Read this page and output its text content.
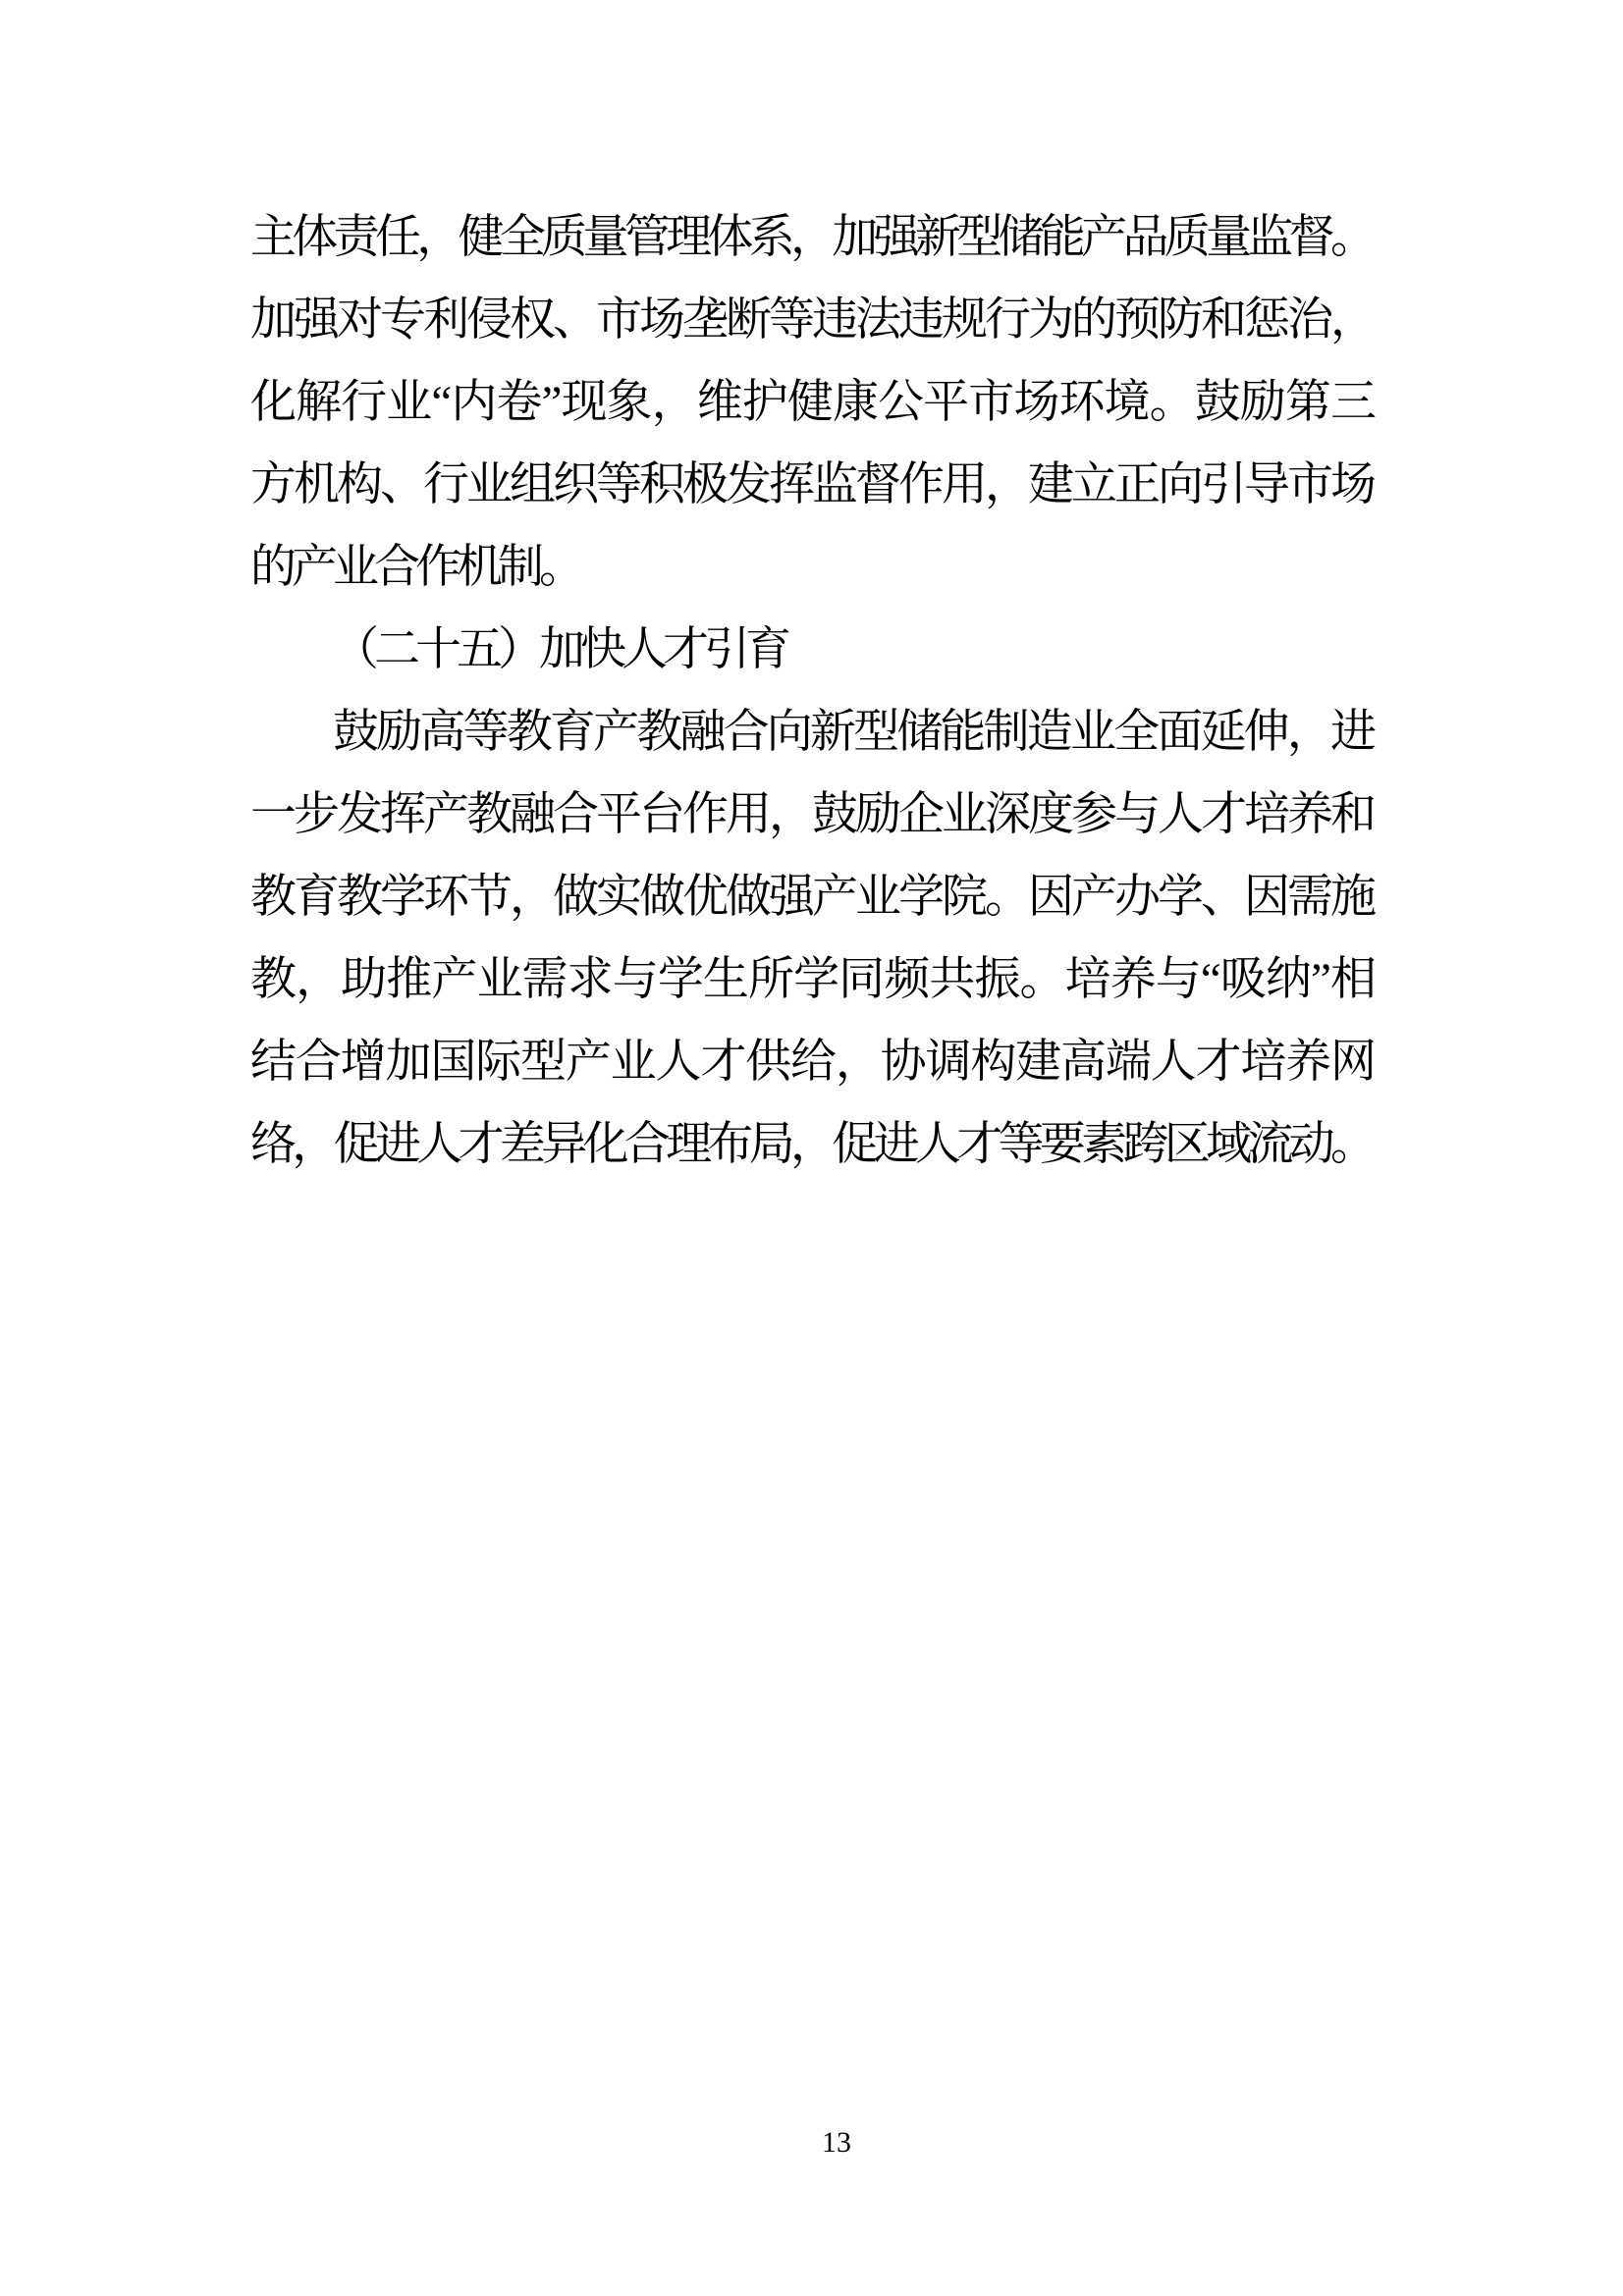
主体责任，健全质量管理体系，加强新型储能产品质量监督。
加强对专利侵权、市场垄断等违法违规行为的预防和惩治，
化解行业“内卷”现象，维护健康公平市场环境。鼓励第三
方机构、行业组织等积极发挥监督作用，建立正向引导市场
的产业合作机制。
（二十五）加快人才引育
鼓励高等教育产教融合向新型储能制造业全面延伸，进
一步发挥产教融合平台作用，鼓励企业深度参与人才培养和
教育教学环节，做实做优做强产业学院。因产办学、因需施
教，助推产业需求与学生所学同频共振。培养与“吸纳”相
结合增加国际型产业人才供给，协调构建高端人才培养网
络，促进人才差异化合理布局，促进人才等要素跨区域流动。
13
